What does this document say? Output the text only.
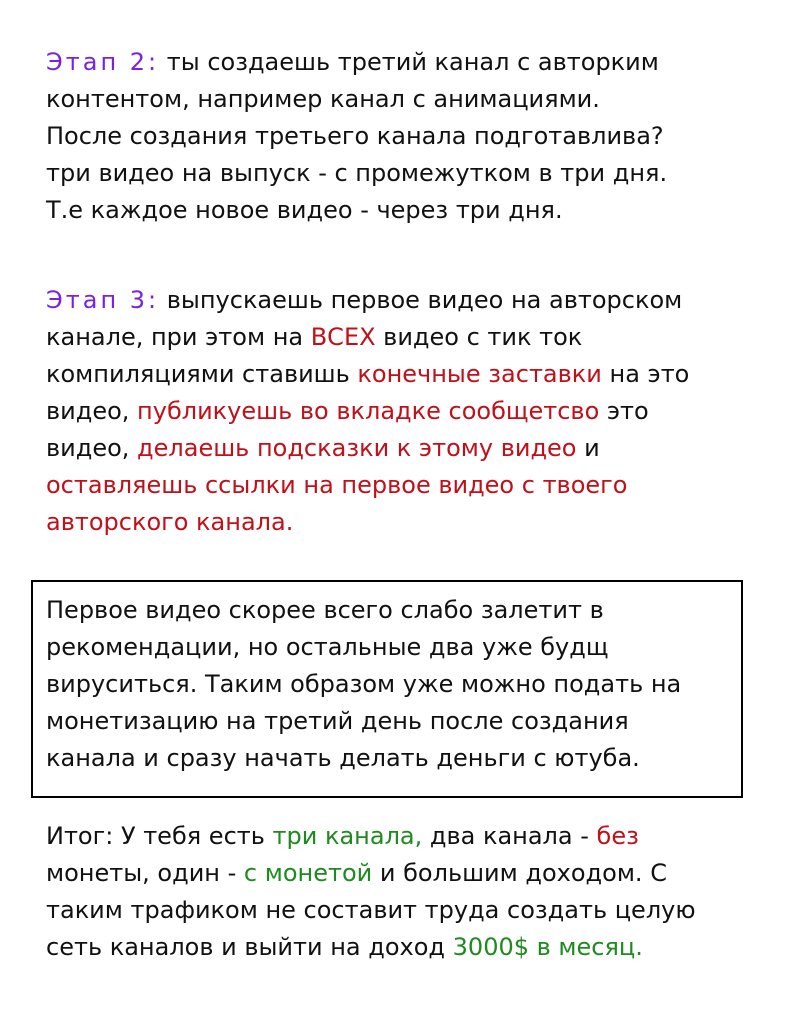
Этап 2: ты создаешь третий канал с авторким
контентом, например канал с анимациями.
После создания третьего канала подготавлива?
три видео на выпуск - с промежутком в три дня.
Т.е каждое новое видео - через три дня.
Этап 3: выпускаешь первое видео на авторском
канале, при этом на ВСЕХ видео с тик ток
компиляциями ставишь конечные заставки на это
видео, публикуешь во вкладке сообщетсво это
видео, делаешь подсказки к этому видео и
оставляешь ссылки на первое видео с твоего
авторского канала.
Первое видео скорее всего слабо залетит в
рекомендации, но остальные два уже будщ
вируситься. Таким образом уже можно подать на
монетизацию на третий день после создания
канала и сразу начать делать деньги с ютуба.
Итог: У тебя есть три канала, два канала - без
монеты, один - с монетой и большим доходом. С
таким трафиком не составит труда создать целую
сеть каналов и выйти на доход 3000$ в месяц.
